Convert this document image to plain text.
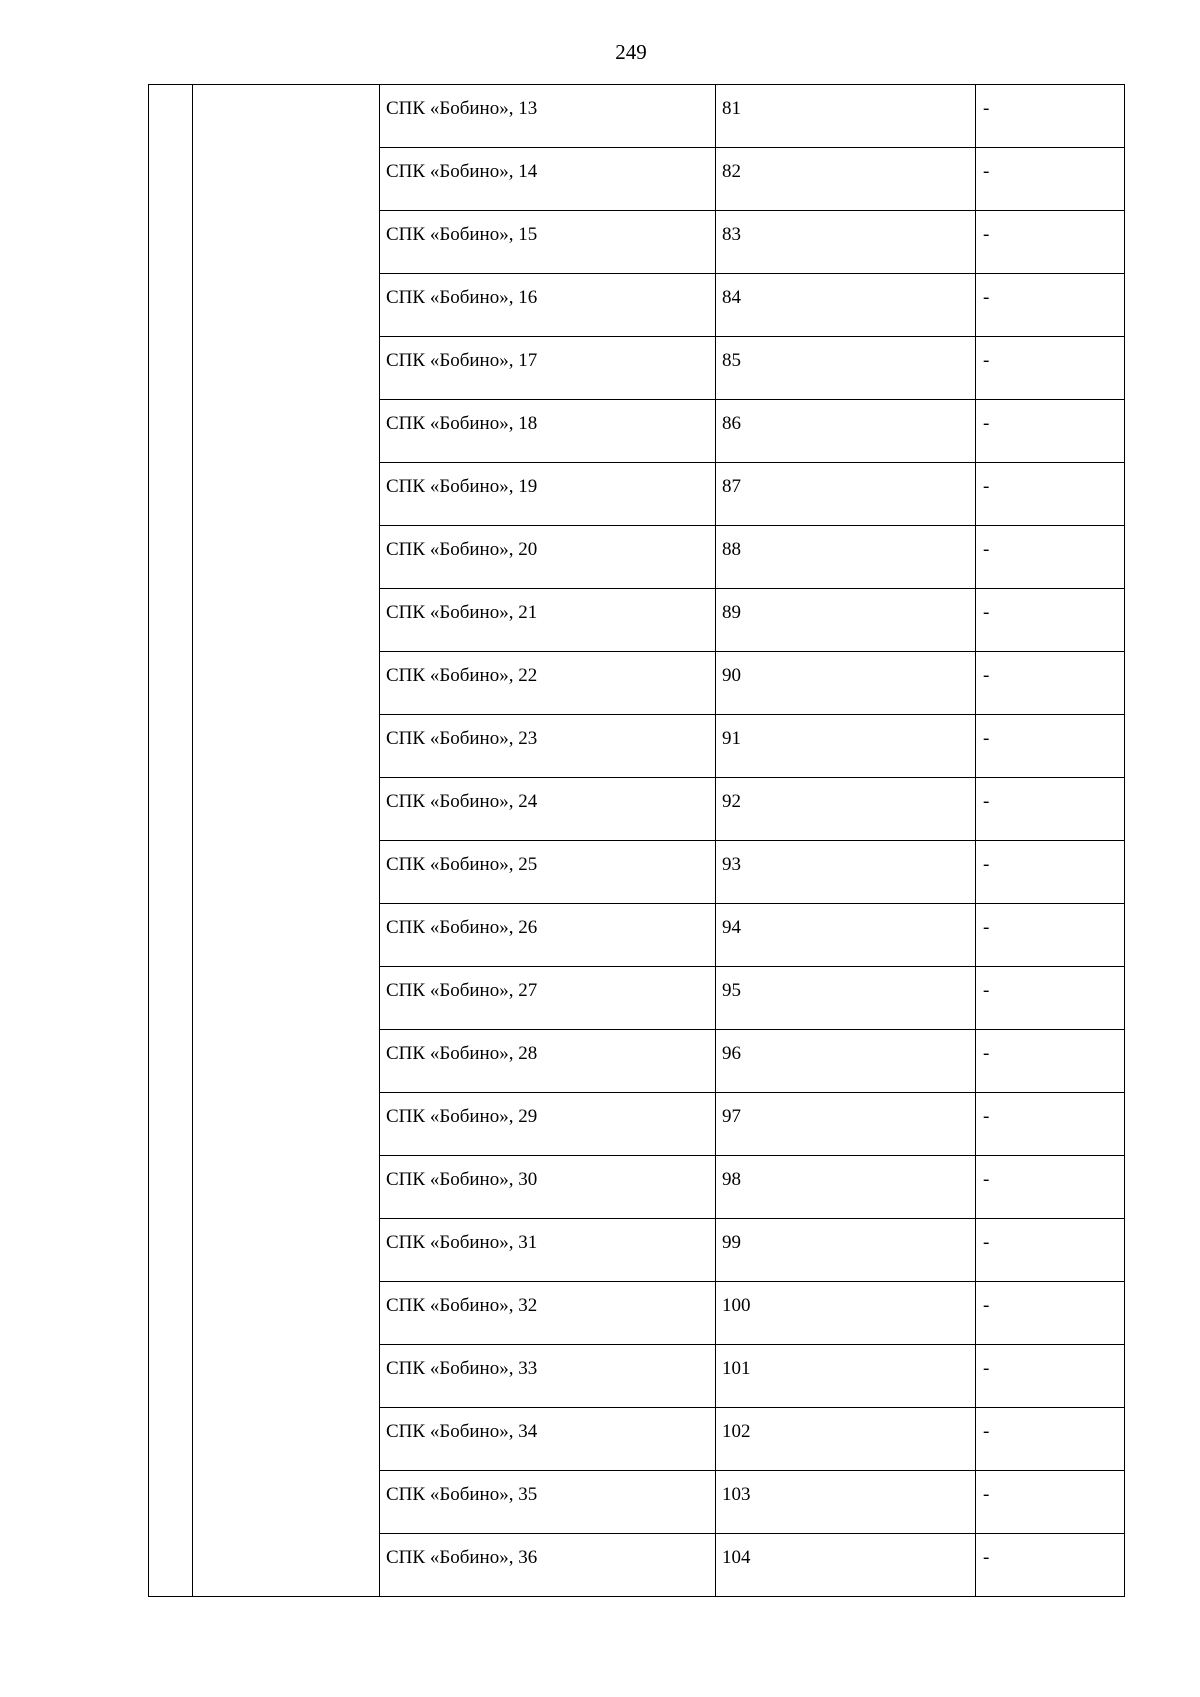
249
		СПК «Бобино», 13	81	-
		СПК «Бобино», 14	82	-
		СПК «Бобино», 15	83	-
		СПК «Бобино», 16	84	-
		СПК «Бобино», 17	85	-
		СПК «Бобино», 18	86	-
		СПК «Бобино», 19	87	-
		СПК «Бобино», 20	88	-
		СПК «Бобино», 21	89	-
		СПК «Бобино», 22	90	-
		СПК «Бобино», 23	91	-
		СПК «Бобино», 24	92	-
		СПК «Бобино», 25	93	-
		СПК «Бобино», 26	94	-
		СПК «Бобино», 27	95	-
		СПК «Бобино», 28	96	-
		СПК «Бобино», 29	97	-
		СПК «Бобино», 30	98	-
		СПК «Бобино», 31	99	-
		СПК «Бобино», 32	100	-
		СПК «Бобино», 33	101	-
		СПК «Бобино», 34	102	-
		СПК «Бобино», 35	103	-
		СПК «Бобино», 36	104	-
